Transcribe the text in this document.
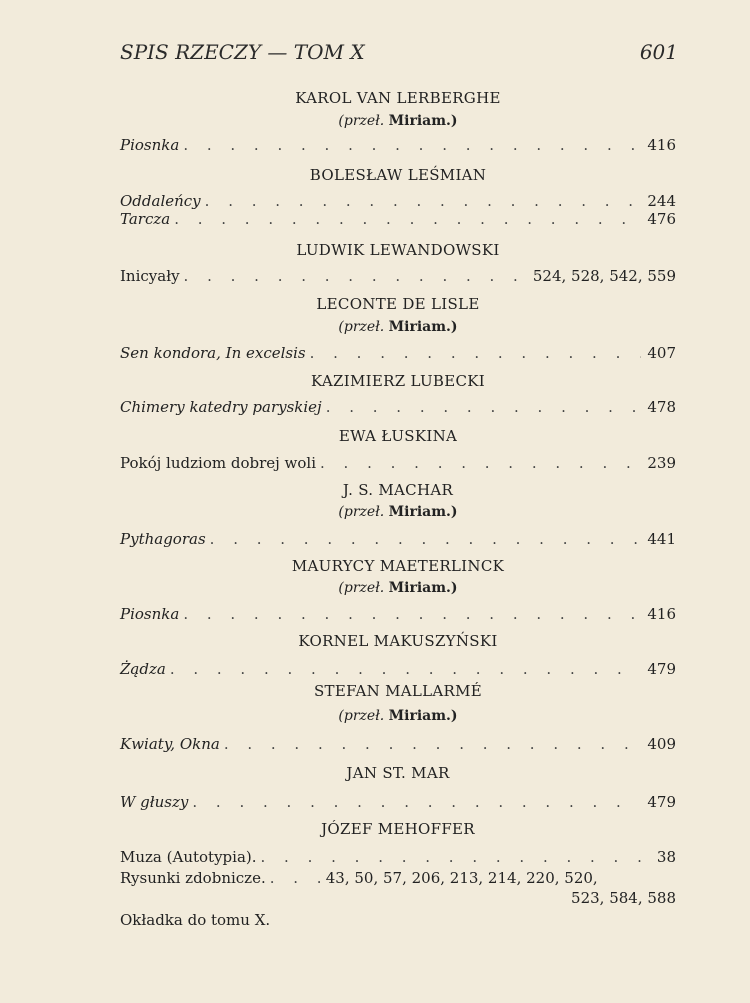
SPIS RZECZY — TOM X	601
KAROL VAN LERBERGHE
(przeł. Miriam.)
Piosnka . . .	416
BOLESŁAW LEŚMIAN
Oddaleńcy . . .	244
Tarcza . . .	476
LUDWIK LEWANDOWSKI
Inicyały . . .	524, 528, 542, 559
LECONTE DE LISLE
(przeł. Miriam.)
Sen kondora, In excelsis . . .	407
KAZIMIERZ LUBECKI
Chimery katedry paryskiej . . .	478
EWA ŁUSKINA
Pokój ludziom dobrej woli . . .	239
J. S. MACHAR
(przeł. Miriam.)
Pythagoras . . .	441
MAURYCY MAETERLINCK
(przeł. Miriam.)
Piosnka . . .	416
KORNEL MAKUSZYŃSKI
Żądza . . .	479
STEFAN MALLARMÉ
(przeł. Miriam.)
Kwiaty, Okna . . .	409
JAN ST. MAR
W głuszy . . .	479
JÓZEF MEHOFFER
Muza (Autotypia). . . .	38
Rysunki zdobnicze. . . .	43, 50, 57, 206, 213, 214, 220, 520,
523, 584, 588
Okładka do tomu X.
